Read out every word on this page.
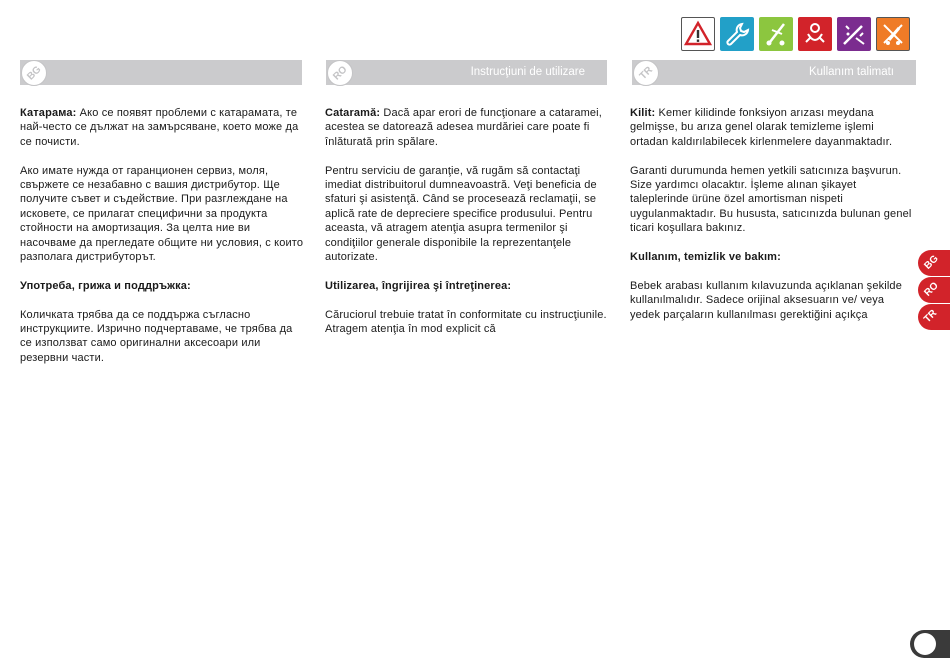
BG

Катарама: Ако се появят проблеми с катарамата, те най-често се дължат на замърсяване, което може да се почисти.

Ако имате нужда от гаранционен сервиз, моля, свържете се незабавно с вашия дистрибутор. Ще получите съвет и съдействие. При разглеждане на исковете, се прилагат специфични за продукта стойности на амортизация. За целта ние ви насочваме да прегледате общите ни условия, с които разполага дистрибуторът.

Употреба, грижа и поддръжка:

Количката трябва да се поддържа съгласно инструкциите. Изрично подчертаваме, че трябва да се използват само оригинални аксесоари или резервни части.

RO	Instrucţiuni de utilizare

Cataramă: Dacă apar erori de funcţionare a cataramei, acestea se datorează adesea murdăriei care poate fi înlăturată prin spălare.

Pentru serviciu de garanţie, vă rugăm să contactaţi imediat distribuitorul dumneavoastră. Veţi beneficia de sfaturi şi asistenţă. Când se procesează reclamaţii, se aplică rate de depreciere specifice produsului. Pentru aceasta, vă atragem atenţia asupra termenilor şi condiţiilor generale disponibile la reprezentanţele autorizate.

Utilizarea, îngrijirea şi întreţinerea:

Căruciorul trebuie tratat în conformitate cu instrucţiunile. Atragem atenţia în mod explicit că

TR	Kullanım talimatı

Kilit: Kemer kilidinde fonksiyon arızası meydana gelmişse, bu arıza genel olarak temizleme işlemi ortadan kaldırılabilecek kirlenmelere dayanmaktadır.

Garanti durumunda hemen yetkili satıcınıza başvurun. Size yardımcı olacaktır. İşleme alınan şikayet taleplerinde ürüne özel amortisman nispeti uygulanmaktadır. Bu hususta, satıcınızda bulunan genel ticari koşullara bakınız.

Kullanım, temizlik ve bakım:

Bebek arabası kullanım kılavuzunda açıklanan şekilde kullanılmalıdır. Sadece orijinal aksesuarın ve/ veya yedek parçaların kullanılması gerektiğini açıkça

BG
RO
TR
